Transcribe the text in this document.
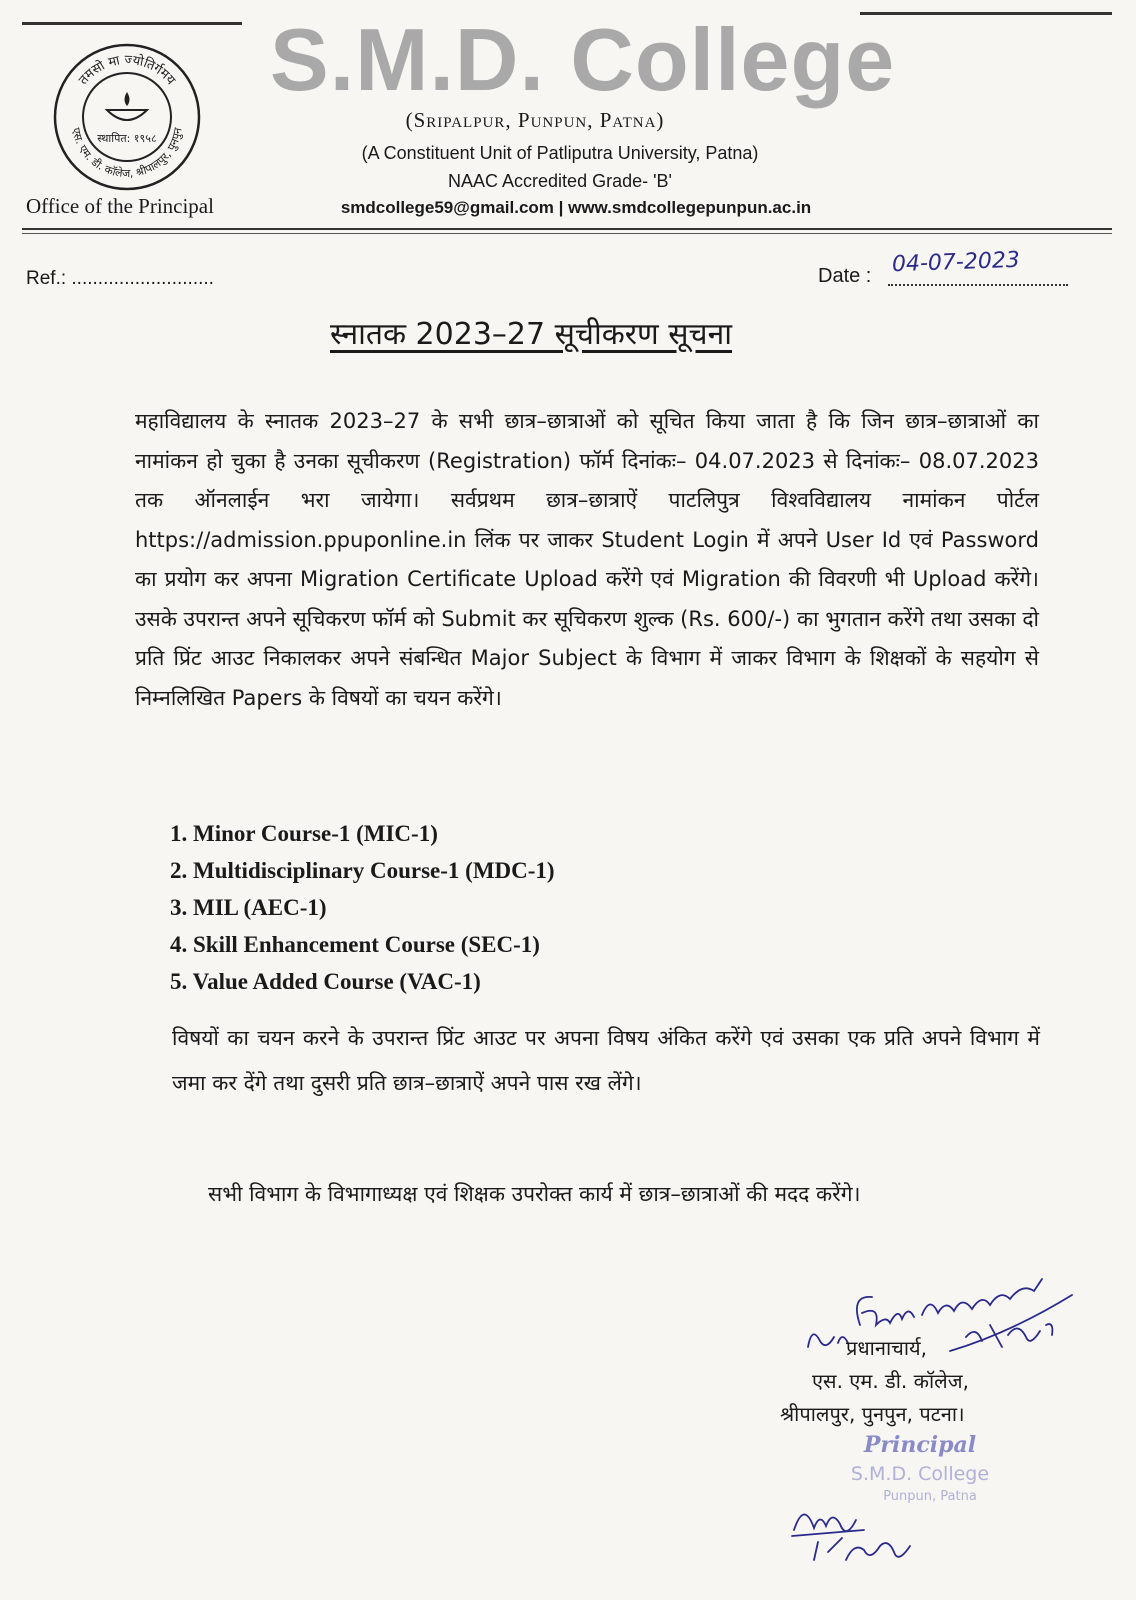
तमसो मा ज्योतिर्गमय
एस. एम. डी. कॉलेज, श्रीपालपुर, पुनपुन
स्थापित: १९५८
S.M.D. College
(Sripalpur, Punpun, Patna)
(A Constituent Unit of Patliputra University, Patna)
NAAC Accredited Grade- 'B'
smdcollege59@gmail.com | www.smdcollegepunpun.ac.in
Office of the Principal
Ref.: ...........................	Date : 04-07-2023
स्नातक 2023–27 सूचीकरण सूचना
महाविद्यालय के स्नातक 2023–27 के सभी छात्र–छात्राओं को सूचित किया जाता है कि जिन छात्र–छात्राओं का नामांकन हो चुका है उनका सूचीकरण (Registration) फॉर्म दिनांकः– 04.07.2023 से दिनांकः– 08.07.2023 तक ऑनलाईन भरा जायेगा। सर्वप्रथम छात्र–छात्राऐं पाटलिपुत्र विश्वविद्यालय नामांकन पोर्टल https://admission.ppuponline.in लिंक पर जाकर Student Login में अपने User Id एवं Password का प्रयोग कर अपना Migration Certificate Upload करेंगे एवं Migration की विवरणी भी Upload करेंगे। उसके उपरान्त अपने सूचिकरण फॉर्म को Submit कर सूचिकरण शुल्क (Rs. 600/-) का भुगतान करेंगे तथा उसका दो प्रति प्रिंट आउट निकालकर अपने संबन्धित Major Subject के विभाग में जाकर विभाग के शिक्षकों के सहयोग से निम्नलिखित Papers के विषयों का चयन करेंगे।
1. Minor Course-1 (MIC-1)
2. Multidisciplinary Course-1 (MDC-1)
3. MIL (AEC-1)
4. Skill Enhancement Course (SEC-1)
5. Value Added Course (VAC-1)
विषयों का चयन करने के उपरान्त प्रिंट आउट पर अपना विषय अंकित करेंगे एवं उसका एक प्रति अपने विभाग में जमा कर देंगे तथा दुसरी प्रति छात्र–छात्राऐं अपने पास रख लेंगे।
सभी विभाग के विभागाध्यक्ष एवं शिक्षक उपरोक्त कार्य में छात्र–छात्राओं की मदद करेंगे।
प्रधानाचार्य,
एस. एम. डी. कॉलेज,
श्रीपालपुर, पुनपुन, पटना।
Principal
S.M.D. College
Punpun, Patna
